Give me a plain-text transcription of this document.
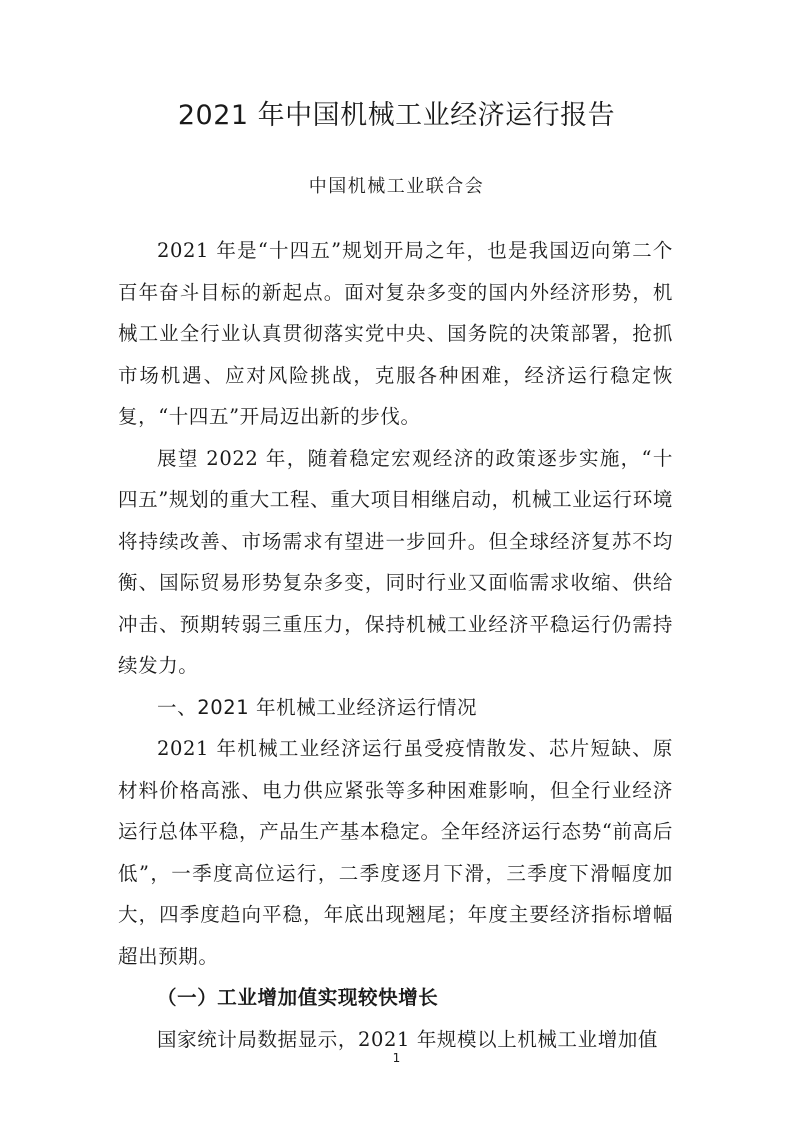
2021 年中国机械工业经济运行报告
中国机械工业联合会

2021 年是“十四五”规划开局之年，也是我国迈向第二个百年奋斗目标的新起点。面对复杂多变的国内外经济形势，机械工业全行业认真贯彻落实党中央、国务院的决策部署，抢抓市场机遇、应对风险挑战，克服各种困难，经济运行稳定恢复，“十四五”开局迈出新的步伐。

展望 2022 年，随着稳定宏观经济的政策逐步实施，“十四五”规划的重大工程、重大项目相继启动，机械工业运行环境将持续改善、市场需求有望进一步回升。但全球经济复苏不均衡、国际贸易形势复杂多变，同时行业又面临需求收缩、供给冲击、预期转弱三重压力，保持机械工业经济平稳运行仍需持续发力。

一、2021 年机械工业经济运行情况

2021 年机械工业经济运行虽受疫情散发、芯片短缺、原材料价格高涨、电力供应紧张等多种困难影响，但全行业经济运行总体平稳，产品生产基本稳定。全年经济运行态势“前高后低”，一季度高位运行，二季度逐月下滑，三季度下滑幅度加大，四季度趋向平稳，年底出现翘尾；年度主要经济指标增幅超出预期。

（一）工业增加值实现较快增长

国家统计局数据显示，2021 年规模以上机械工业增加值

1
